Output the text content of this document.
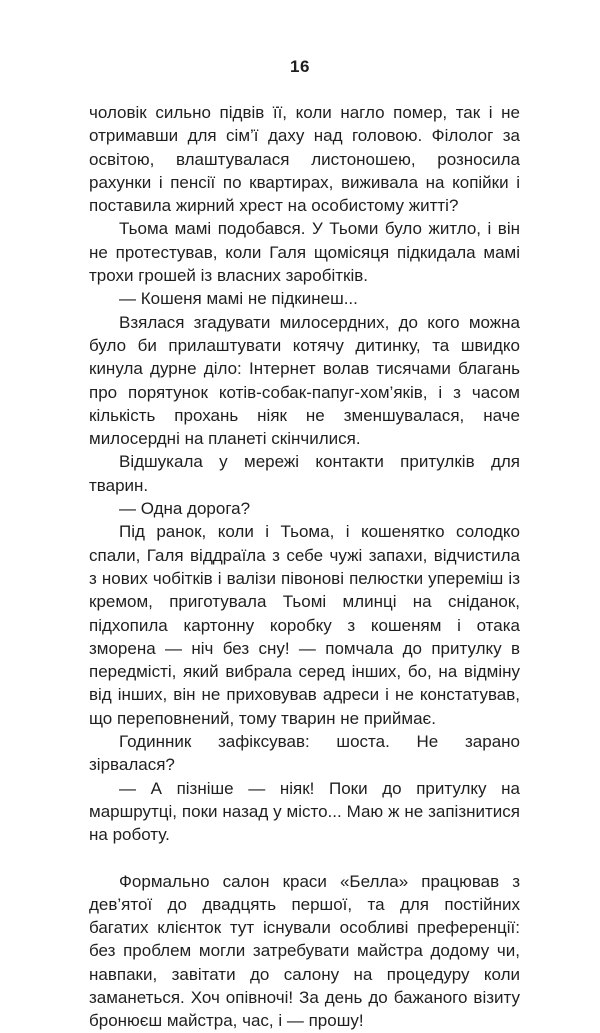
16

чоловік сильно підвів її, коли нагло помер, так і не отримавши для сім’ї даху над головою. Філолог за освітою, влаштувалася листоношею, розносила рахунки і пенсії по квартирах, виживала на копійки і поставила жирний хрест на особистому житті?

Тьома мамі подобався. У Тьоми було житло, і він не протестував, коли Галя щомісяця підкидала мамі трохи грошей із власних заробітків.

— Кошеня мамі не підкинеш...

Взялася згадувати милосердних, до кого можна було би прилаштувати котячу дитинку, та швидко кинула дурне діло: Інтернет волав тисячами благань про порятунок котів-собак-папуг-хом’яків, і з часом кількість прохань ніяк не зменшувалася, наче милосердні на планеті скінчилися.

Відшукала у мережі контакти притулків для тварин.

— Одна дорога?

Під ранок, коли і Тьома, і кошенятко солодко спали, Галя віддраїла з себе чужі запахи, відчистила з нових чобітків і валізи півонові пелюстки упереміш із кремом, приготувала Тьомі млинці на сніданок, підхопила картонну коробку з кошеням і отака зморена — ніч без сну! — помчала до притулку в передмісті, який вибрала серед інших, бо, на відміну від інших, він не приховував адреси і не констатував, що переповнений, тому тварин не приймає.

Годинник зафіксував: шоста. Не зарано зірвалася?

— А пізніше — ніяк! Поки до притулку на маршрутці, поки назад у місто... Маю ж не запізнитися на роботу.

Формально салон краси «Белла» працював з дев’ятої до двадцять першої, та для постійних багатих клієнток тут існували особливі преференції: без проблем могли затребувати майстра додому чи, навпаки, завітати до салону на процедуру коли заманеться. Хоч опівночі! За день до бажаного візиту бронюєш майстра, час, і — прошу!
